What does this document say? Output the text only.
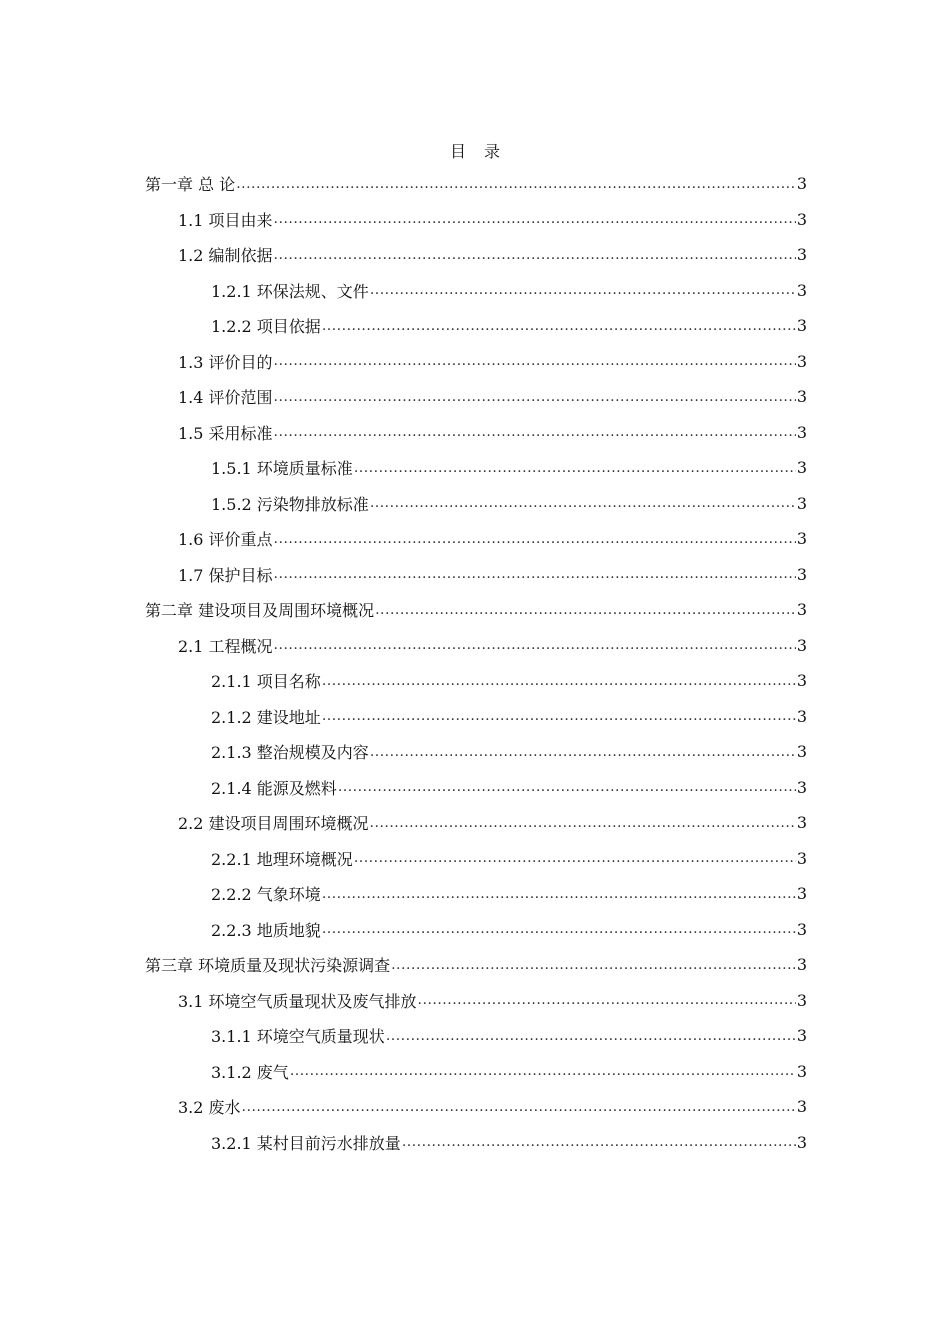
目 录
第一章 总 论 .....	3
1.1 项目由来 .....	3
1.2 编制依据 .....	3
1.2.1 环保法规、文件 .....	3
1.2.2 项目依据 .....	3
1.3 评价目的 .....	3
1.4 评价范围 .....	3
1.5 采用标准 .....	3
1.5.1 环境质量标准 .....	3
1.5.2 污染物排放标准 .....	3
1.6 评价重点 .....	3
1.7 保护目标 .....	3
第二章 建设项目及周围环境概况 .....	3
2.1 工程概况 .....	3
2.1.1 项目名称 .....	3
2.1.2 建设地址 .....	3
2.1.3 整治规模及内容 .....	3
2.1.4 能源及燃料 .....	3
2.2 建设项目周围环境概况 .....	3
2.2.1 地理环境概况 .....	3
2.2.2 气象环境 .....	3
2.2.3 地质地貌 .....	3
第三章 环境质量及现状污染源调查 .....	3
3.1 环境空气质量现状及废气排放 .....	3
3.1.1 环境空气质量现状 .....	3
3.1.2 废气 .....	3
3.2 废水 .....	3
3.2.1 某村目前污水排放量 .....	3
